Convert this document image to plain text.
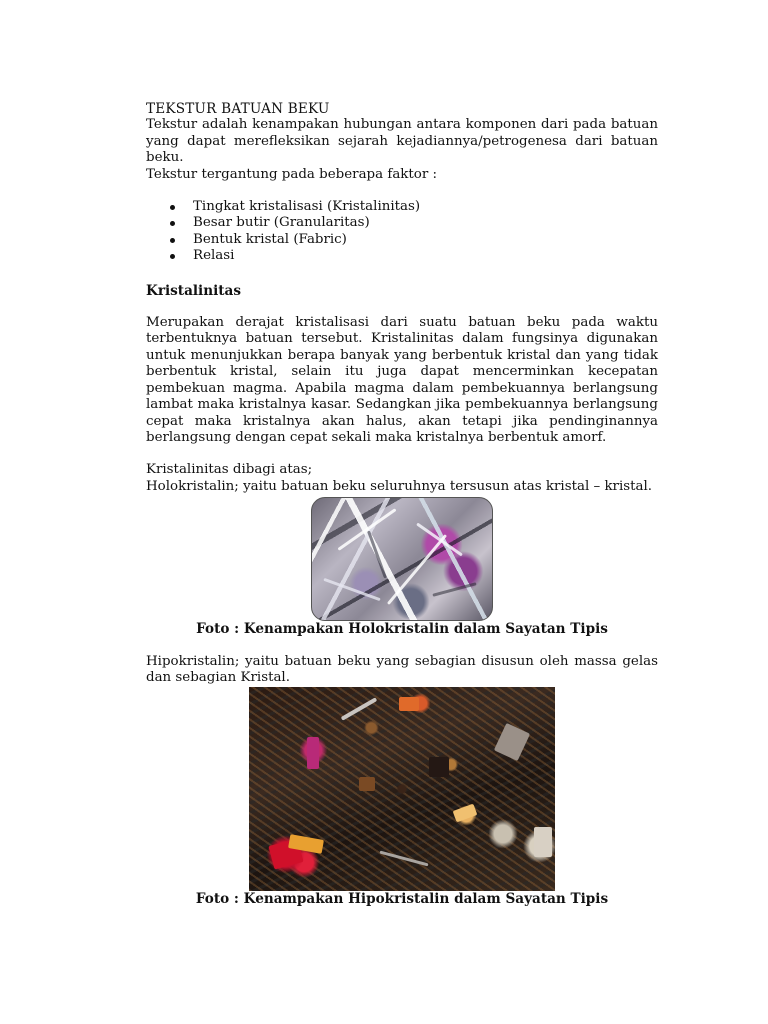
TEKSTUR BATUAN BEKU

Tekstur adalah kenampakan hubungan antara komponen dari pada batuan yang dapat merefleksikan sejarah kejadiannya/petrogenesa dari batuan beku.

Tekstur tergantung pada beberapa faktor :

Tingkat kristalisasi (Kristalinitas)
Besar butir (Granularitas)
Bentuk kristal (Fabric)
Relasi

Kristalinitas

Merupakan derajat kristalisasi dari suatu batuan beku pada waktu terbentuknya batuan tersebut. Kristalinitas dalam fungsinya digunakan untuk menunjukkan berapa banyak yang berbentuk kristal dan yang tidak berbentuk kristal, selain itu juga dapat mencerminkan kecepatan pembekuan magma. Apabila magma dalam pembekuannya berlangsung lambat maka kristalnya kasar. Sedangkan jika pembekuannya berlangsung cepat maka kristalnya akan halus, akan tetapi jika pendinginannya berlangsung dengan cepat sekali maka kristalnya berbentuk amorf.

Kristalinitas dibagi atas;

Holokristalin; yaitu batuan beku seluruhnya tersusun atas kristal – kristal.

Foto : Kenampakan Holokristalin dalam Sayatan Tipis

Hipokristalin; yaitu batuan beku yang sebagian disusun oleh massa gelas dan sebagian Kristal.

Foto : Kenampakan Hipokristalin dalam Sayatan Tipis
